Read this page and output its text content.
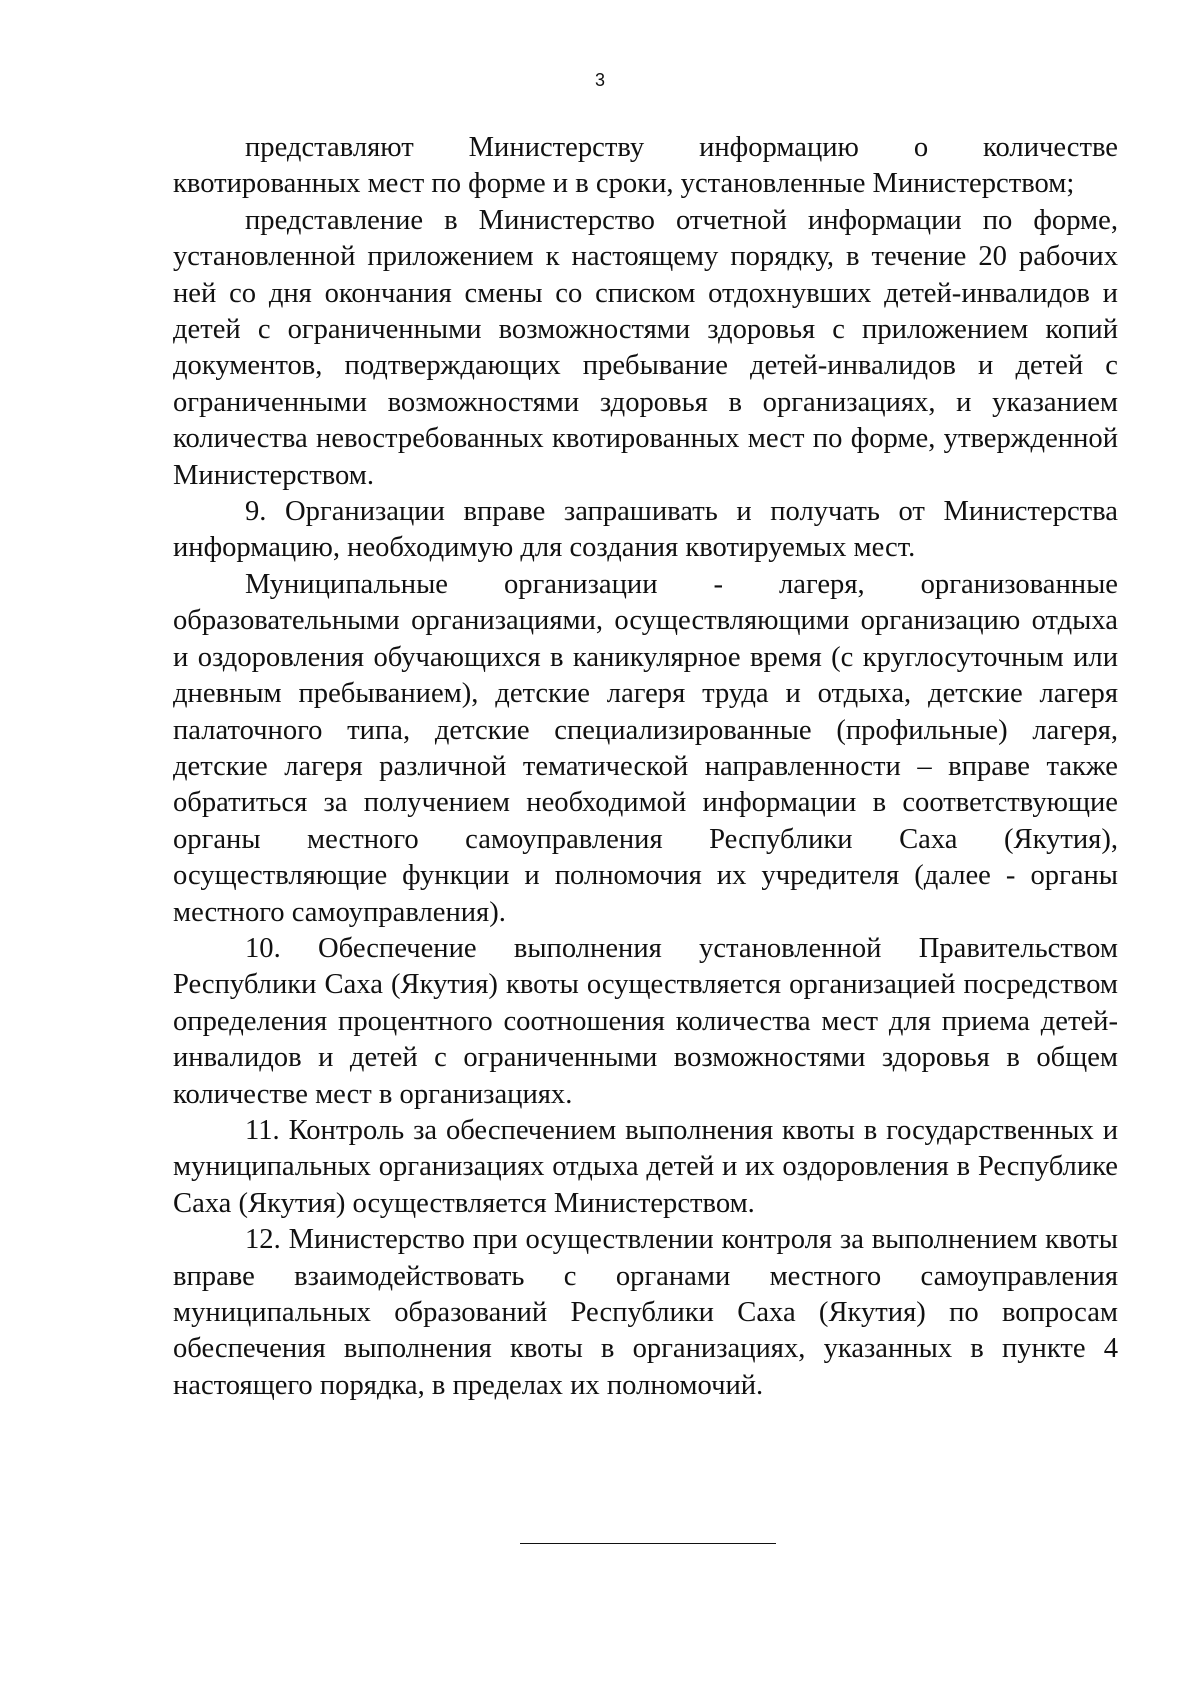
3

представляют Министерству информацию о количестве квотированных мест по форме и в сроки, установленные Министерством;

представление в Министерство отчетной информации по форме, установленной приложением к настоящему порядку, в течение 20 рабочих ней со дня окончания смены со списком отдохнувших детей-инвалидов и детей с ограниченными возможностями здоровья с приложением копий документов, подтверждающих пребывание детей-инвалидов и детей с ограниченными возможностями здоровья в организациях, и указанием количества невостребованных квотированных мест по форме, утвержденной Министерством.

9. Организации вправе запрашивать и получать от Министерства информацию, необходимую для создания квотируемых мест.

Муниципальные организации - лагеря, организованные образовательными организациями, осуществляющими организацию отдыха и оздоровления обучающихся в каникулярное время (с круглосуточным или дневным пребыванием), детские лагеря труда и отдыха, детские лагеря палаточного типа, детские специализированные (профильные) лагеря, детские лагеря различной тематической направленности – вправе также обратиться за получением необходимой информации в соответствующие органы местного самоуправления Республики Саха (Якутия), осуществляющие функции и полномочия их учредителя (далее - органы местного самоуправления).

10. Обеспечение выполнения установленной Правительством Республики Саха (Якутия) квоты осуществляется организацией посредством определения процентного соотношения количества мест для приема детей-инвалидов и детей с ограниченными возможностями здоровья в общем количестве мест в организациях.

11. Контроль за обеспечением выполнения квоты в государственных и муниципальных организациях отдыха детей и их оздоровления в Республике Саха (Якутия) осуществляется Министерством.

12. Министерство при осуществлении контроля за выполнением квоты вправе взаимодействовать с органами местного самоуправления муниципальных образований Республики Саха (Якутия) по вопросам обеспечения выполнения квоты в организациях, указанных в пункте 4 настоящего порядка, в пределах их полномочий.
